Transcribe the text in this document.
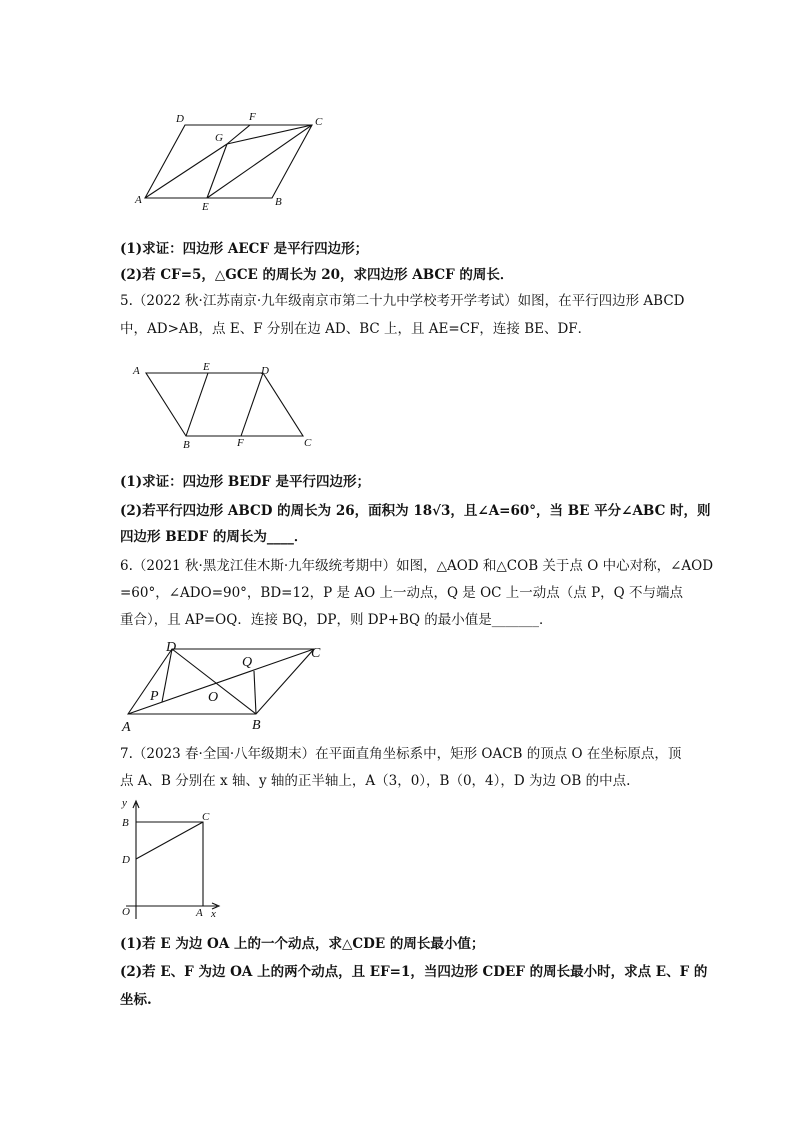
D	F	C
G
A
E	B
(1)求证：四边形 AECF 是平行四边形；
(2)若 CF=5，△GCE 的周长为 20，求四边形 ABCF 的周长．
5.（2022 秋·江苏南京·九年级南京市第二十九中学校考开学考试）如图，在平行四边形 ABCD
中，AD>AB，点 E、F 分别在边 AD、BC 上，且 AE=CF，连接 BE、DF．
A	E	D
B	F	C
(1)求证：四边形 BEDF 是平行四边形；
(2)若平行四边形 ABCD 的周长为 26，面积为 18√3，且∠A=60°，当 BE 平分∠ABC 时，则
四边形 BEDF 的周长为____．
6.（2021 秋·黑龙江佳木斯·九年级统考期中）如图，△AOD 和△COB 关于点 O 中心对称，∠AOD
=60°，∠ADO=90°，BD=12，P 是 AO 上一动点，Q 是 OC 上一动点（点 P，Q 不与端点
重合），且 AP=OQ．连接 BQ，DP，则 DP+BQ 的最小值是_______．
D
Q
C
P	O
A	B
7.（2023 春·全国·八年级期末）在平面直角坐标系中，矩形 OACB 的顶点 O 在坐标原点，顶
点 A、B 分别在 x 轴、y 轴的正半轴上，A（3，0），B（0，4），D 为边 OB 的中点.
y
B	C
D
O	A x
(1)若 E 为边 OA 上的一个动点，求△CDE 的周长最小值；
(2)若 E、F 为边 OA 上的两个动点，且 EF=1，当四边形 CDEF 的周长最小时，求点 E、F 的
坐标.
